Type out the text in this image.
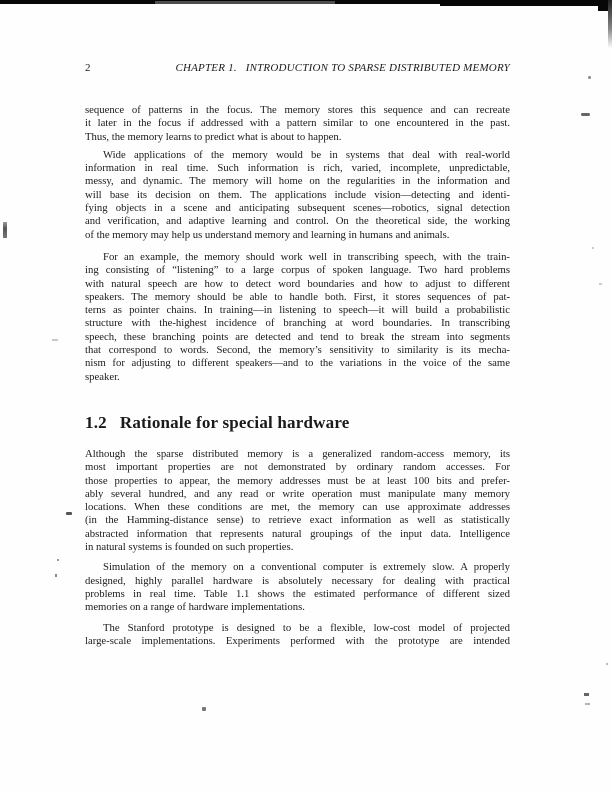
2	CHAPTER 1. INTRODUCTION TO SPARSE DISTRIBUTED MEMORY
sequence of patterns in the focus. The memory stores this sequence and can recreate
it later in the focus if addressed with a pattern similar to one encountered in the past.
Thus, the memory learns to predict what is about to happen.
Wide applications of the memory would be in systems that deal with real-world
information in real time. Such information is rich, varied, incomplete, unpredictable,
messy, and dynamic. The memory will home on the regularities in the information and
will base its decision on them. The applications include vision—detecting and identi-
fying objects in a scene and anticipating subsequent scenes—robotics, signal detection
and verification, and adaptive learning and control. On the theoretical side, the working
of the memory may help us understand memory and learning in humans and animals.
For an example, the memory should work well in transcribing speech, with the train-
ing consisting of “listening” to a large corpus of spoken language. Two hard problems
with natural speech are how to detect word boundaries and how to adjust to different
speakers. The memory should be able to handle both. First, it stores sequences of pat-
terns as pointer chains. In training—in listening to speech—it will build a probabilistic
structure with the-highest incidence of branching at word boundaries. In transcribing
speech, these branching points are detected and tend to break the stream into segments
that correspond to words. Second, the memory’s sensitivity to similarity is its mecha-
nism for adjusting to different speakers—and to the variations in the voice of the same
speaker.
1.2 Rationale for special hardware
Although the sparse distributed memory is a generalized random-access memory, its
most important properties are not demonstrated by ordinary random accesses. For
those properties to appear, the memory addresses must be at least 100 bits and prefer-
ably several hundred, and any read or write operation must manipulate many memory
locations. When these conditions are met, the memory can use approximate addresses
(in the Hamming-distance sense) to retrieve exact information as well as statistically
abstracted information that represents natural groupings of the input data. Intelligence
in natural systems is founded on such properties.
Simulation of the memory on a conventional computer is extremely slow. A properly
designed, highly parallel hardware is absolutely necessary for dealing with practical
problems in real time. Table 1.1 shows the estimated performance of different sized
memories on a range of hardware implementations.
The Stanford prototype is designed to be a flexible, low-cost model of projected
large-scale implementations. Experiments performed with the prototype are intended
